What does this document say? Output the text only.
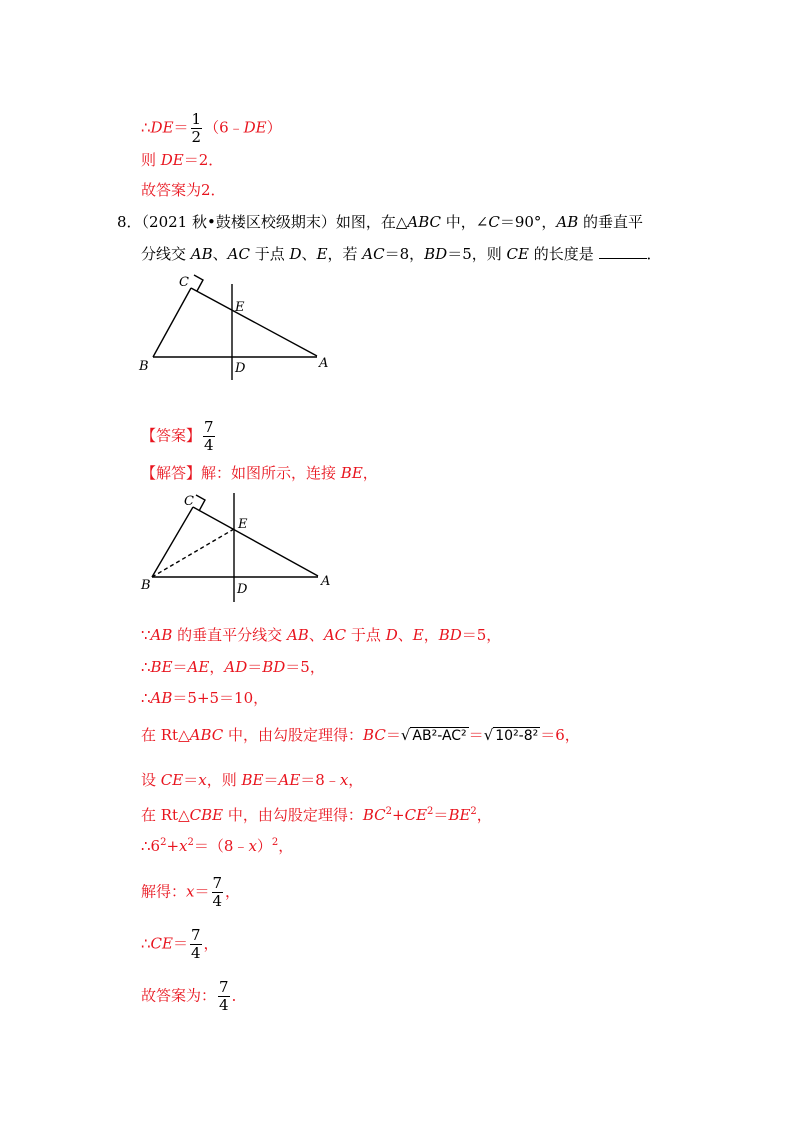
∴DE＝ $\frac{1}{2}$ （6﹣DE）
则 DE＝2．
故答案为2．
8．（2021 秋•鼓楼区校级期末）如图，在△ABC 中，∠C＝90°，AB 的垂直平
分线交 AB、AC 于点 D、E，若 AC＝8，BD＝5，则 CE 的长度是	．
C
E
B	D	A
【答案】 $\frac{7}{4}$
【解答】解：如图所示，连接 BE，
C
E
B	D
A
∵AB 的垂直平分线交 AB、AC 于点 D、E，BD＝5，
∴BE＝AE，AD＝BD＝5，
∴AB＝5+5＝10，
在 Rt△ABC 中，由勾股定理得：BC＝√ AB²-AC² ＝√ 10²-8² ＝6，
设 CE＝x，则 BE＝AE＝8﹣x，
在 Rt△CBE 中，由勾股定理得：$BC^2+CE^2=BE^2$，
$\therefore 6^2+x^2=(8﹣x)^2$，
解得：$x= \frac{7}{4}$ ，
∴CE＝ $\frac{7}{4}$ ，
故答案为： $\frac{7}{4}$ ．
